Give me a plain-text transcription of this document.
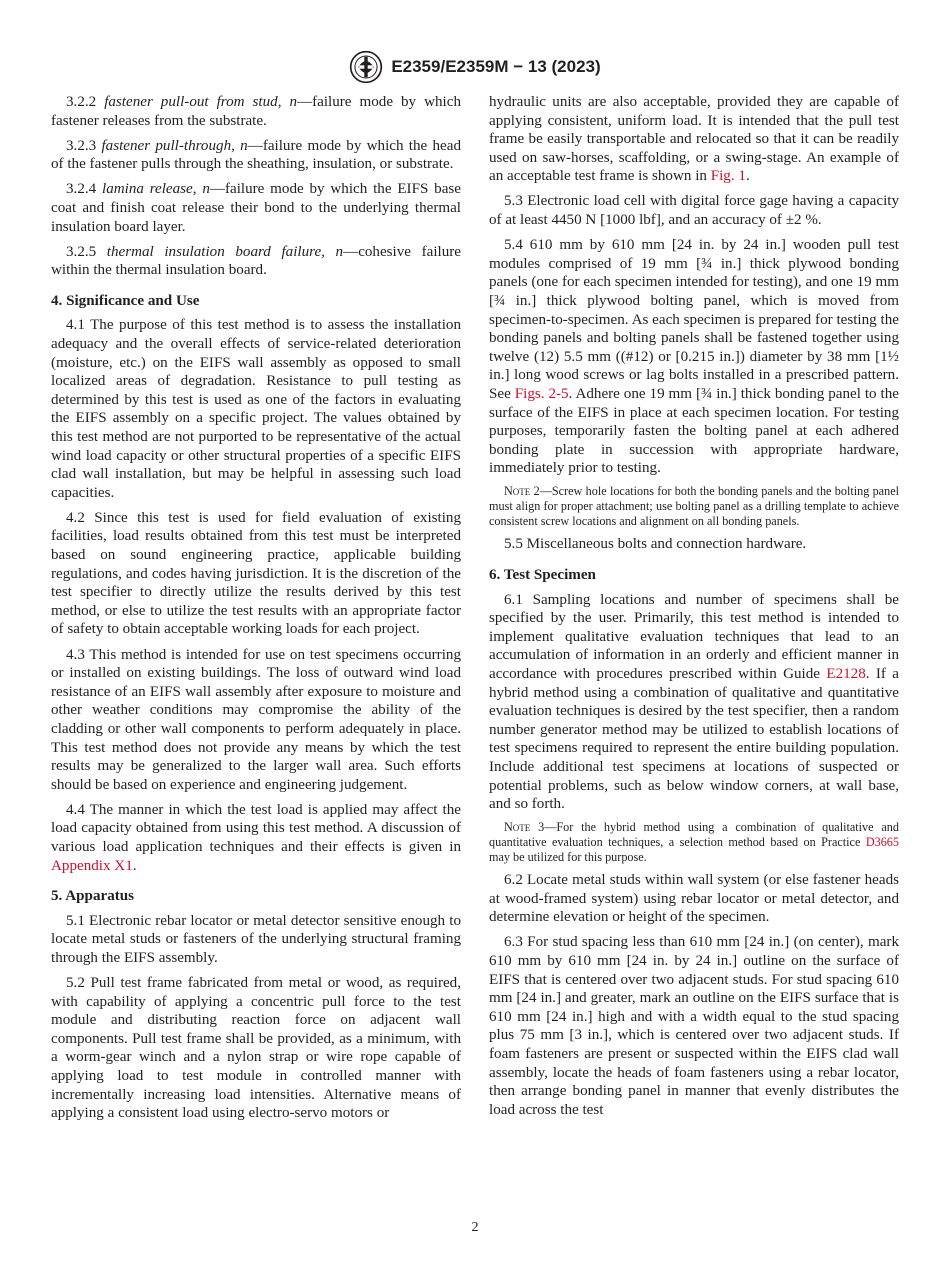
E2359/E2359M − 13 (2023)

3.2.2 fastener pull-out from stud, n—failure mode by which fastener releases from the substrate.

3.2.3 fastener pull-through, n—failure mode by which the head of the fastener pulls through the sheathing, insulation, or substrate.

3.2.4 lamina release, n—failure mode by which the EIFS base coat and finish coat release their bond to the underlying thermal insulation board layer.

3.2.5 thermal insulation board failure, n—cohesive failure within the thermal insulation board.

4. Significance and Use

4.1 The purpose of this test method is to assess the installation adequacy and the overall effects of service-related deterioration (moisture, etc.) on the EIFS wall assembly as opposed to small localized areas of degradation. Resistance to pull testing as determined by this test is used as one of the factors in evaluating the EIFS assembly on a specific project. The values obtained by this test method are not purported to be representative of the actual wind load capacity or other structural properties of a specific EIFS clad wall installation, but may be helpful in assessing such load capacities.

4.2 Since this test is used for field evaluation of existing facilities, load results obtained from this test must be interpreted based on sound engineering practice, applicable building regulations, and codes having jurisdiction. It is the discretion of the test specifier to directly utilize the results derived by this test method, or else to utilize the test results with an appropriate factor of safety to obtain acceptable working loads for each project.

4.3 This method is intended for use on test specimens occurring or installed on existing buildings. The loss of outward wind load resistance of an EIFS wall assembly after exposure to moisture and other weather conditions may compromise the ability of the cladding or other wall components to perform adequately in place. This test method does not provide any means by which the test results may be generalized to the larger wall area. Such efforts should be based on experience and engineering judgement.

4.4 The manner in which the test load is applied may affect the load capacity obtained from using this test method. A discussion of various load application techniques and their effects is given in Appendix X1.

5. Apparatus

5.1 Electronic rebar locator or metal detector sensitive enough to locate metal studs or fasteners of the underlying structural framing through the EIFS assembly.

5.2 Pull test frame fabricated from metal or wood, as required, with capability of applying a concentric pull force to the test module and distributing reaction force on adjacent wall components. Pull test frame shall be provided, as a minimum, with a worm-gear winch and a nylon strap or wire rope capable of applying load to test module in controlled manner with incrementally increasing load intensities. Alternative means of applying a consistent load using electro-servo motors or

hydraulic units are also acceptable, provided they are capable of applying consistent, uniform load. It is intended that the pull test frame be easily transportable and relocated so that it can be readily used on saw-horses, scaffolding, or a swing-stage. An example of an acceptable test frame is shown in Fig. 1.

5.3 Electronic load cell with digital force gage having a capacity of at least 4450 N [1000 lbf], and an accuracy of ±2 %.

5.4 610 mm by 610 mm [24 in. by 24 in.] wooden pull test modules comprised of 19 mm [¾ in.] thick plywood bonding panels (one for each specimen intended for testing), and one 19 mm [¾ in.] thick plywood bolting panel, which is moved from specimen-to-specimen. As each specimen is prepared for testing the bonding panels and bolting panels shall be fastened together using twelve (12) 5.5 mm ((#12) or [0.215 in.]) diameter by 38 mm [1½ in.] long wood screws or lag bolts installed in a prescribed pattern. See Figs. 2-5. Adhere one 19 mm [¾ in.] thick bonding panel to the surface of the EIFS in place at each specimen location. For testing purposes, temporarily fasten the bolting panel at each adhered bonding plate in succession with appropriate hardware, immediately prior to testing.

Note 2—Screw hole locations for both the bonding panels and the bolting panel must align for proper attachment; use bolting panel as a drilling template to achieve consistent screw locations and alignment on all bonding panels.

5.5 Miscellaneous bolts and connection hardware.

6. Test Specimen

6.1 Sampling locations and number of specimens shall be specified by the user. Primarily, this test method is intended to implement qualitative evaluation techniques that lead to an accumulation of information in an orderly and efficient manner in accordance with procedures prescribed within Guide E2128. If a hybrid method using a combination of qualitative and quantitative evaluation techniques is desired by the test specifier, then a random number generator method may be utilized to establish locations of test specimens required to represent the entire building population. Include additional test specimens at locations of suspected or potential problems, such as below window corners, at wall base, and so forth.

Note 3—For the hybrid method using a combination of qualitative and quantitative evaluation techniques, a selection method based on Practice D3665 may be utilized for this purpose.

6.2 Locate metal studs within wall system (or else fastener heads at wood-framed system) using rebar locator or metal detector, and determine elevation or height of the specimen.

6.3 For stud spacing less than 610 mm [24 in.] (on center), mark 610 mm by 610 mm [24 in. by 24 in.] outline on the surface of EIFS that is centered over two adjacent studs. For stud spacing 610 mm [24 in.] and greater, mark an outline on the EIFS surface that is 610 mm [24 in.] high and with a width equal to the stud spacing plus 75 mm [3 in.], which is centered over two adjacent studs. If foam fasteners are present or suspected within the EIFS clad wall assembly, locate the heads of foam fasteners using a rebar locator, then arrange bonding panel in manner that evenly distributes the load across the test

2
